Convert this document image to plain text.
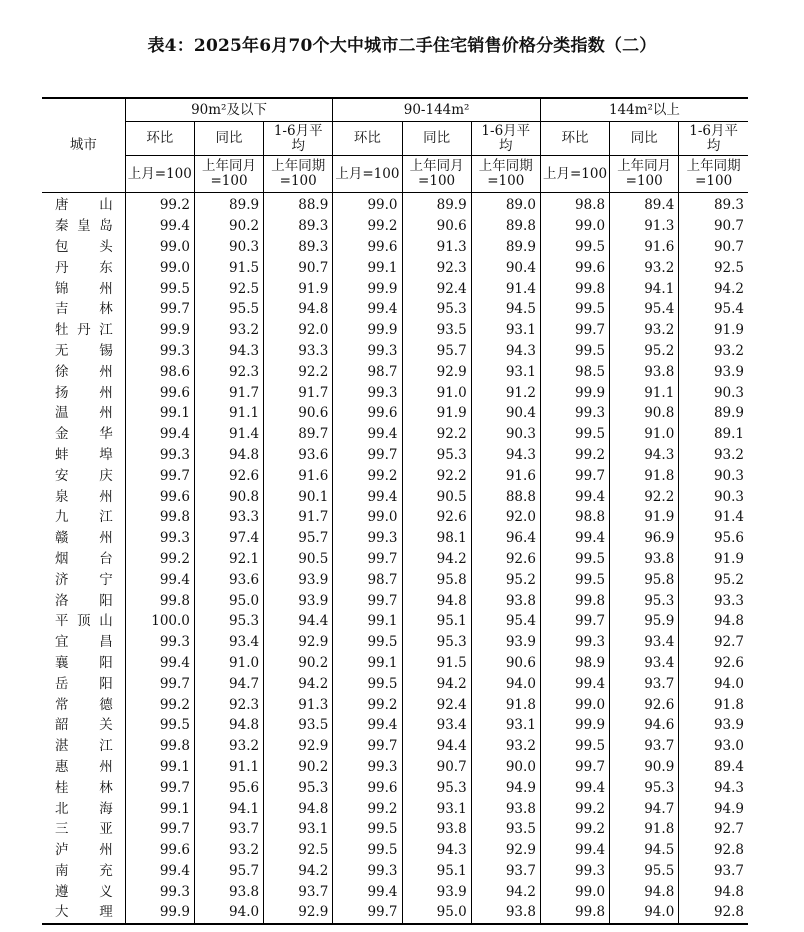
表4：2025年6月70个大中城市二手住宅销售价格分类指数（二）
城市	90m²及以下			90-144m²			144m²以上		
	环比	同比	1-6月平均	环比	同比	1-6月平均	环比	同比	1-6月平均
	上月=100	上年同月=100	上年同期=100	上月=100	上年同月=100	上年同期=100	上月=100	上年同月=100	上年同期=100
唐山	99.2	89.9	88.9	99.0	89.9	89.0	98.8	89.4	89.3
秦皇岛	99.4	90.2	89.3	99.2	90.6	89.8	99.0	91.3	90.7
包头	99.0	90.3	89.3	99.6	91.3	89.9	99.5	91.6	90.7
丹东	99.0	91.5	90.7	99.1	92.3	90.4	99.6	93.2	92.5
锦州	99.5	92.5	91.9	99.9	92.4	91.4	99.8	94.1	94.2
吉林	99.7	95.5	94.8	99.4	95.3	94.5	99.5	95.4	95.4
牡丹江	99.9	93.2	92.0	99.9	93.5	93.1	99.7	93.2	91.9
无锡	99.3	94.3	93.3	99.3	95.7	94.3	99.5	95.2	93.2
徐州	98.6	92.3	92.2	98.7	92.9	93.1	98.5	93.8	93.9
扬州	99.6	91.7	91.7	99.3	91.0	91.2	99.9	91.1	90.3
温州	99.1	91.1	90.6	99.6	91.9	90.4	99.3	90.8	89.9
金华	99.4	91.4	89.7	99.4	92.2	90.3	99.5	91.0	89.1
蚌埠	99.3	94.8	93.6	99.7	95.3	94.3	99.2	94.3	93.2
安庆	99.7	92.6	91.6	99.2	92.2	91.6	99.7	91.8	90.3
泉州	99.6	90.8	90.1	99.4	90.5	88.8	99.4	92.2	90.3
九江	99.8	93.3	91.7	99.0	92.6	92.0	98.8	91.9	91.4
赣州	99.3	97.4	95.7	99.3	98.1	96.4	99.4	96.9	95.6
烟台	99.2	92.1	90.5	99.7	94.2	92.6	99.5	93.8	91.9
济宁	99.4	93.6	93.9	98.7	95.8	95.2	99.5	95.8	95.2
洛阳	99.8	95.0	93.9	99.7	94.8	93.8	99.8	95.3	93.3
平顶山	100.0	95.3	94.4	99.1	95.1	95.4	99.7	95.9	94.8
宜昌	99.3	93.4	92.9	99.5	95.3	93.9	99.3	93.4	92.7
襄阳	99.4	91.0	90.2	99.1	91.5	90.6	98.9	93.4	92.6
岳阳	99.7	94.7	94.2	99.5	94.2	94.0	99.4	93.7	94.0
常德	99.2	92.3	91.3	99.2	92.4	91.8	99.0	92.6	91.8
韶关	99.5	94.8	93.5	99.4	93.4	93.1	99.9	94.6	93.9
湛江	99.8	93.2	92.9	99.7	94.4	93.2	99.5	93.7	93.0
惠州	99.1	91.1	90.2	99.3	90.7	90.0	99.7	90.9	89.4
桂林	99.7	95.6	95.3	99.6	95.3	94.9	99.4	95.3	94.3
北海	99.1	94.1	94.8	99.2	93.1	93.8	99.2	94.7	94.9
三亚	99.7	93.7	93.1	99.5	93.8	93.5	99.2	91.8	92.7
泸州	99.6	93.2	92.5	99.5	94.3	92.9	99.4	94.5	92.8
南充	99.4	95.7	94.2	99.3	95.1	93.7	99.3	95.5	93.7
遵义	99.3	93.8	93.7	99.4	93.9	94.2	99.0	94.8	94.8
大理	99.9	94.0	92.9	99.7	95.0	93.8	99.8	94.0	92.8
